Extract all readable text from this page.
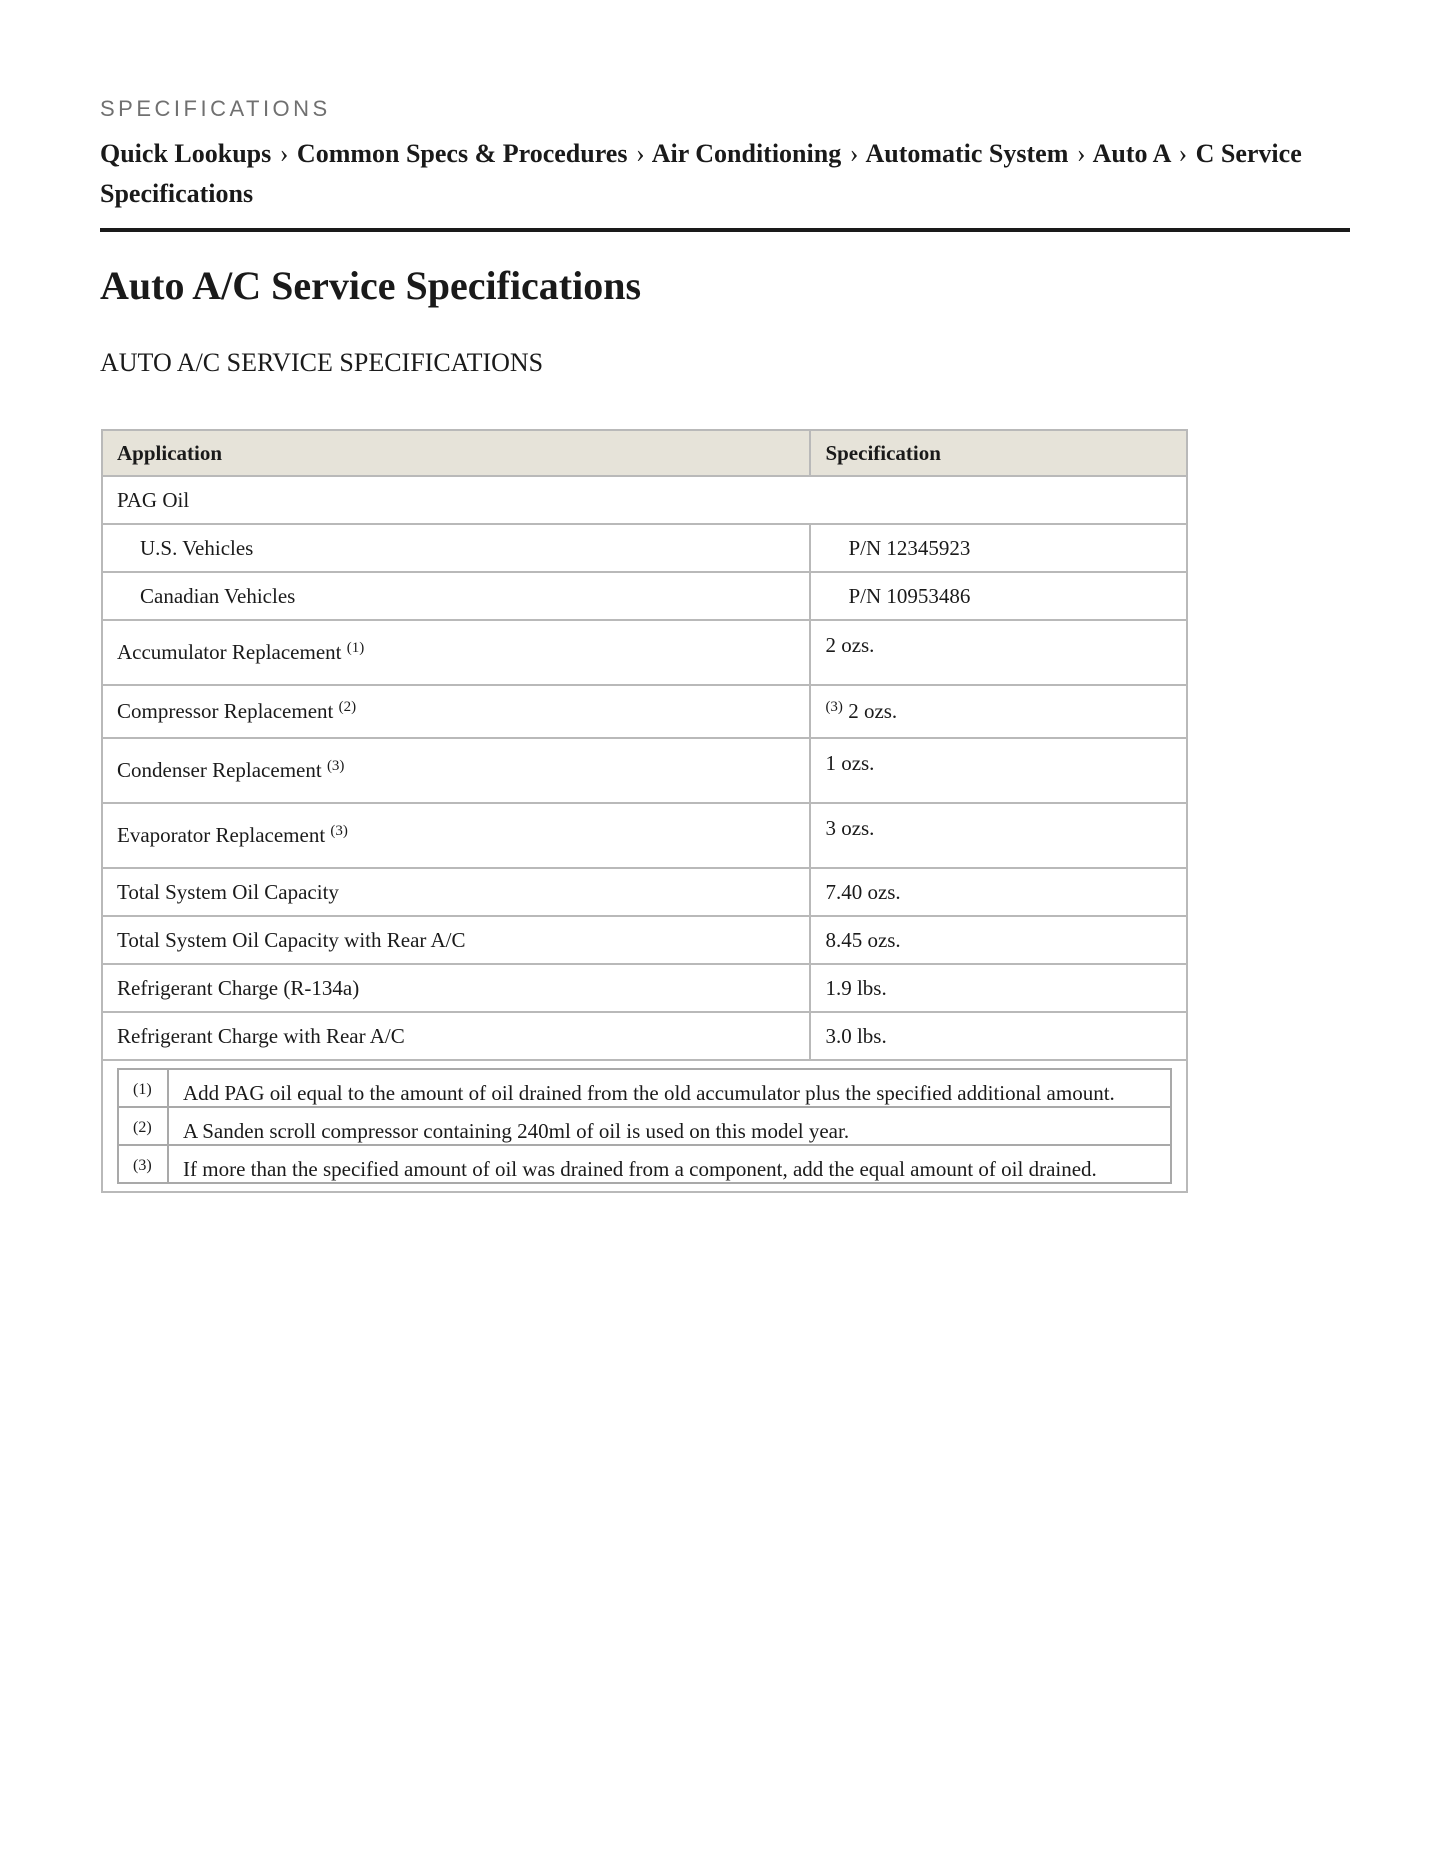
SPECIFICATIONS
Quick Lookups › Common Specs & Procedures › Air Conditioning › Automatic System › Auto A › C Service Specifications
Auto A/C Service Specifications
AUTO A/C SERVICE SPECIFICATIONS
Application	Specification
PAG Oil
U.S. Vehicles	P/N 12345923
Canadian Vehicles	P/N 10953486
Accumulator Replacement $^{(1)}$	2 ozs.
Compressor Replacement $^{(2)}$	$^{(3)}$ 2 ozs.
Condenser Replacement $^{(3)}$	1 ozs.
Evaporator Replacement $^{(3)}$	3 ozs.
Total System Oil Capacity	7.40 ozs.
Total System Oil Capacity with Rear A/C	8.45 ozs.
Refrigerant Charge (R-134a)	1.9 lbs.
Refrigerant Charge with Rear A/C	3.0 lbs.

(1)	Add PAG oil equal to the amount of oil drained from the old accumulator plus the specified additional amount.
(2)	A Sanden scroll compressor containing 240ml of oil is used on this model year.
(3)	If more than the specified amount of oil was drained from a component, add the equal amount of oil drained.
